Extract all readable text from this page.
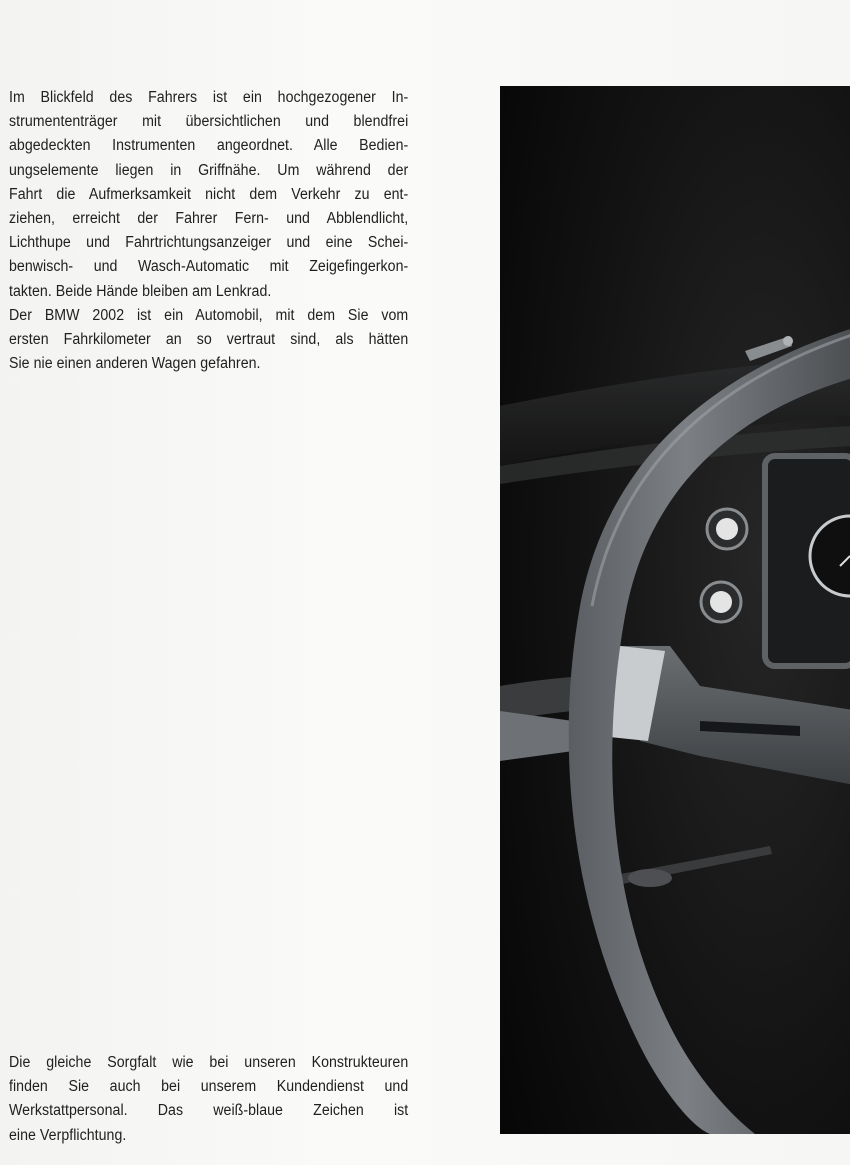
Im Blickfeld des Fahrers ist ein hochgezogener In-
strumententräger mit übersichtlichen und blendfrei
abgedeckten Instrumenten angeordnet. Alle Bedien-
ungselemente liegen in Griffnähe. Um während der
Fahrt die Aufmerksamkeit nicht dem Verkehr zu ent-
ziehen, erreicht der Fahrer Fern- und Abblendlicht,
Lichthupe und Fahrtrichtungsanzeiger und eine Schei-
benwisch- und Wasch-Automatic mit Zeigefingerkon-
takten. Beide Hände bleiben am Lenkrad.
Der BMW 2002 ist ein Automobil, mit dem Sie vom
ersten Fahrkilometer an so vertraut sind, als hätten
Sie nie einen anderen Wagen gefahren.
Die gleiche Sorgfalt wie bei unseren Konstrukteuren
finden Sie auch bei unserem Kundendienst und
Werkstattpersonal. Das weiß-blaue Zeichen ist
eine Verpflichtung.
